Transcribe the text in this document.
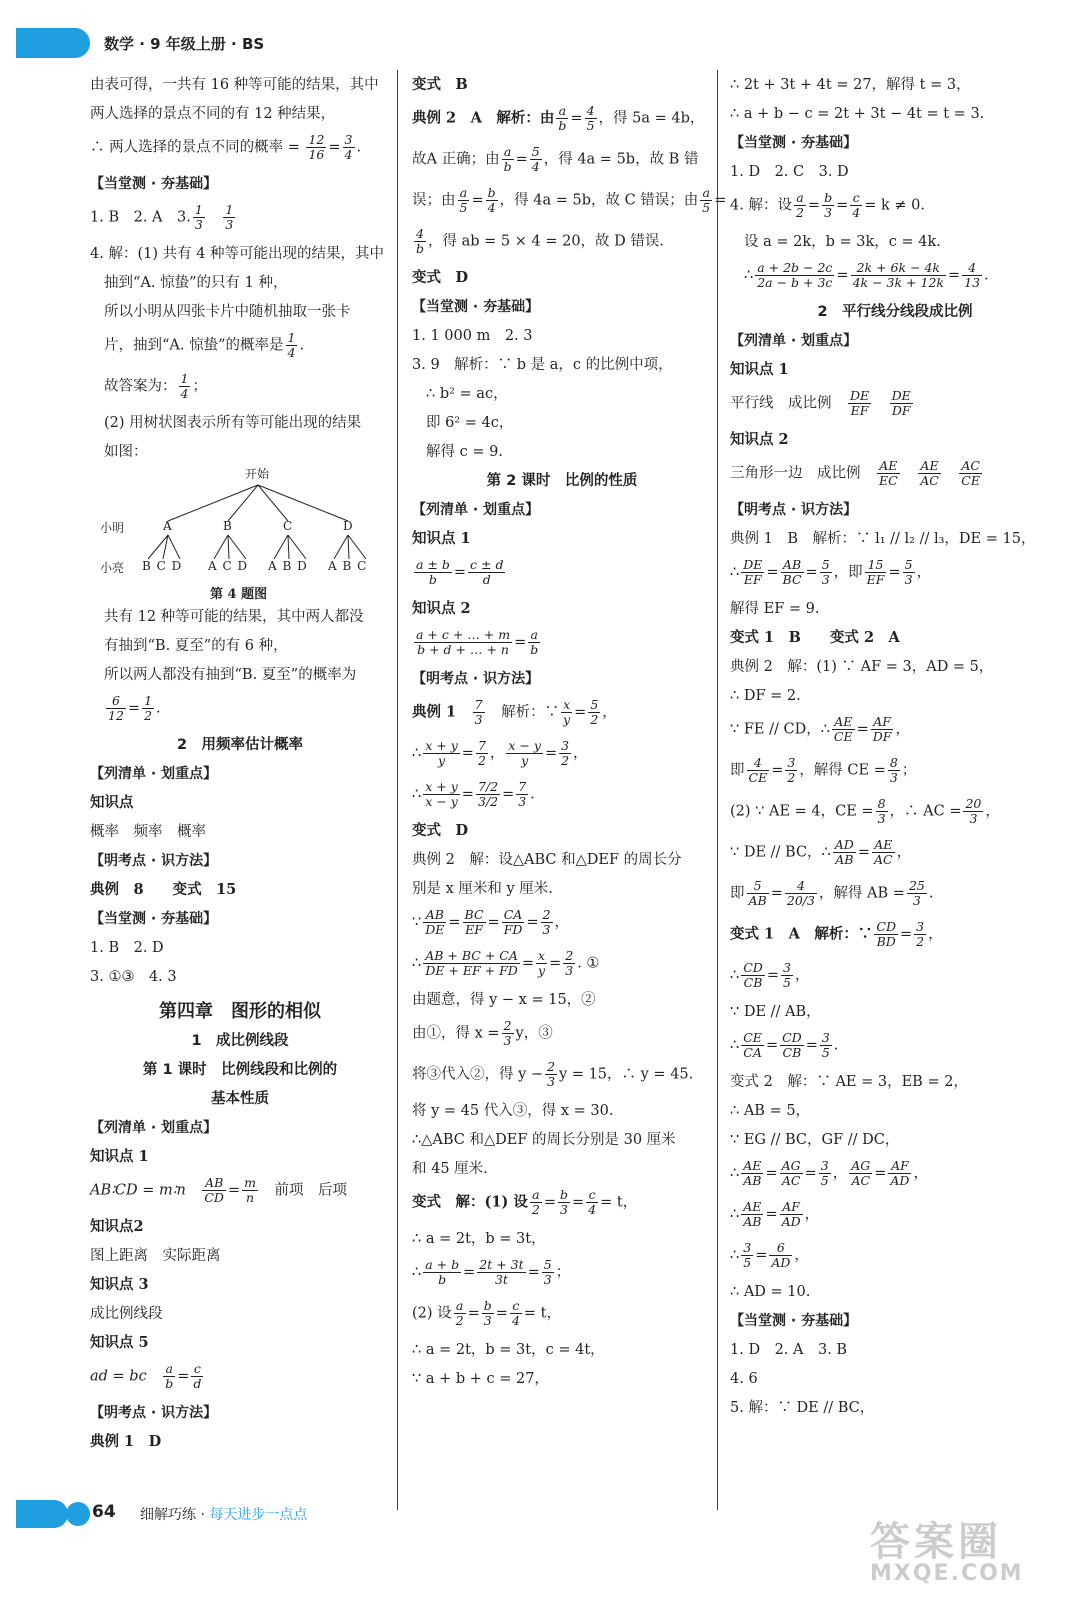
数学 · 9 年级上册 · BS
由表可得，一共有 16 种等可能的结果，其中
两人选择的景点不同的有 12 种结果，
∴ 两人选择的景点不同的概率 = $\frac{12}{16} = \frac{3}{4}$ .
【当堂测 · 夯基础】
1. B　2. A　3. $\frac{1}{3}$
　 $\frac{1}{3}$
4. 解：(1) 共有 4 种等可能出现的结果，其中
抽到“A. 惊蛰”的只有 1 种，
所以小明从四张卡片中随机抽取一张卡
片，抽到“A. 惊蛰”的概率是 $\frac{1}{4}$ .
故答案为： $\frac{1}{4}$ ；
(2) 用树状图表示所有等可能出现的结果
如图：
开始
小明
小亮
A	B	C	D
B C D A C D A B D A B C
第 4 题图
共有 12 种等可能的结果，其中两人都没
有抽到“B. 夏至”的有 6 种，
所以两人都没有抽到“B. 夏至”的概率为
$\frac{6}{12} = \frac{1}{2}$ .
2　用频率估计概率
【列清单 · 划重点】
知识点
概率　频率　概率
【明考点 · 识方法】
典例　8　　变式　15
【当堂测 · 夯基础】
1. B　2. D
3. ①③　4. 3
第四章　图形的相似
1　成比例线段
第 1 课时　比例线段和比例的
基本性质
【列清单 · 划重点】
知识点 1
AB∶CD = m∶n　 $\frac{AB}{CD} = \frac{m}{n}$
　 前项　后项
知识点2
图上距离　实际距离
知识点 3
成比例线段
知识点 5
ad = bc　 $\frac{a}{b} = \frac{c}{d}$
【明考点 · 识方法】
典例 1　D
变式　B
典例 2　A　解析：由 $\frac{a}{b} = \frac{4}{5}$ ，得 5a = 4b，
故A 正确；由 $\frac{a}{b} = \frac{5}{4}$ ，得 4a = 5b，故 B 错
误；由 $\frac{a}{5} = \frac{b}{4}$ ，得 4a = 5b，故 C 错误；由 $\frac{a}{5}$ =
$\frac{4}{b}$ ，得 ab = 5 × 4 = 20，故 D 错误.
变式　D
【当堂测 · 夯基础】
1. 1 000 m　2. 3
3. 9　解析：∵ b 是 a，c 的比例中项，
∴ b² = ac，
即 6² = 4c，
解得 c = 9.
第 2 课时　比例的性质
【列清单 · 划重点】
知识点 1
$\frac{a \pm b}{b} = \frac{c \pm d}{d}$
知识点 2
$\frac{a + c + \dots + m}{b + d + \dots + n} = \frac{a}{b}$
【明考点 · 识方法】
典例 1　 $\frac{7}{3}$
　 解析：∵ $\frac{x}{y} = \frac{5}{2}$ ，
∴ $\frac{x + y}{y} = \frac{7}{2}$ ， $\frac{x - y}{y} = \frac{3}{2}$ ，
∴ $\frac{x + y}{x - y} = \frac{7/2}{3/2} = \frac{7}{3}$ .
变式　D
典例 2　解：设△ABC 和△DEF 的周长分
别是 x 厘米和 y 厘米.
∵ $\frac{AB}{DE} = \frac{BC}{EF} = \frac{CA}{FD} = \frac{2}{3}$ ，
∴ $\frac{AB + BC + CA}{DE + EF + FD} = \frac{x}{y} = \frac{2}{3}$ . ①
由题意，得 y − x = 15，②
由①，得 $x = \frac{2}{3}$ y，③
将③代入②，得 $y - \frac{2}{3}$ y = 15，∴ y = 45.
将 y = 45 代入③，得 x = 30.
∴△ABC 和△DEF 的周长分别是 30 厘米
和 45 厘米.
变式　解：(1) 设 $\frac{a}{2} = \frac{b}{3} = \frac{c}{4} = t$，
∴ a = 2t，b = 3t，
∴ $\frac{a + b}{b} = \frac{2t + 3t}{3t} = \frac{5}{3}$ ；
(2) 设 $\frac{a}{2} = \frac{b}{3} = \frac{c}{4} = t$，
∴ a = 2t，b = 3t，c = 4t，
∵ a + b + c = 27，
∴ 2t + 3t + 4t = 27，解得 t = 3，
∴ a + b − c = 2t + 3t − 4t = t = 3.
【当堂测 · 夯基础】
1. D　2. C　3. D
4. 解：设 $\frac{a}{2} = \frac{b}{3} = \frac{c}{4} = k \ne 0$.
设 a = 2k，b = 3k，c = 4k.
∴ $\frac{a + 2b - 2c}{2a - b + 3c} = \frac{2k + 6k - 4k}{4k - 3k + 12k} = \frac{4}{13}$ .
2　平行线分线段成比例
【列清单 · 划重点】
知识点 1
平行线　成比例　 $\frac{DE}{EF}$
　 $\frac{DE}{DF}$
知识点 2
三角形一边　成比例　 $\frac{AE}{EC}$
　 $\frac{AE}{AC}$
　 $\frac{AC}{CE}$
【明考点 · 识方法】
典例 1　B　解析：∵ l₁ // l₂ // l₃，DE = 15，
∴ $\frac{DE}{EF} = \frac{AB}{BC} = \frac{5}{3}$ ，即 $\frac{15}{EF} = \frac{5}{3}$ ，
解得 EF = 9.
变式 1　B　　变式 2　A
典例 2　解：(1) ∵ AF = 3，AD = 5，
∴ DF = 2.
∵ FE // CD，∴ $\frac{AE}{CE} = \frac{AF}{DF}$ ，
即 $\frac{4}{CE} = \frac{3}{2}$ ，解得 CE = $\frac{8}{3}$ ；
(2) ∵ AE = 4，CE = $\frac{8}{3}$ ，∴ AC = $\frac{20}{3}$ ，
∵ DE // BC，∴ $\frac{AD}{AB} = \frac{AE}{AC}$ ，
即 $\frac{5}{AB} = \frac{4}{20/3}$ ，解得 AB = $\frac{25}{3}$ .
变式 1　A　解析：∵ $\frac{CD}{BD} = \frac{3}{2}$ ，
∴ $\frac{CD}{CB} = \frac{3}{5}$ ，
∵ DE // AB，
∴ $\frac{CE}{CA} = \frac{CD}{CB} = \frac{3}{5}$ .
变式 2　解：∵ AE = 3，EB = 2，
∴ AB = 5，
∵ EG // BC，GF // DC，
∴ $\frac{AE}{AB} = \frac{AG}{AC} = \frac{3}{5}$ ， $\frac{AG}{AC} = \frac{AF}{AD}$ ，
∴ $\frac{AE}{AB} = \frac{AF}{AD}$ ，
∴ $\frac{3}{5} = \frac{6}{AD}$ ，
∴ AD = 10.
【当堂测 · 夯基础】
1. D　2. A　3. B
4. 6
5. 解：∵ DE // BC，
64 细解巧练 · 每天进步一点点
答案圈
MXQE.COM
